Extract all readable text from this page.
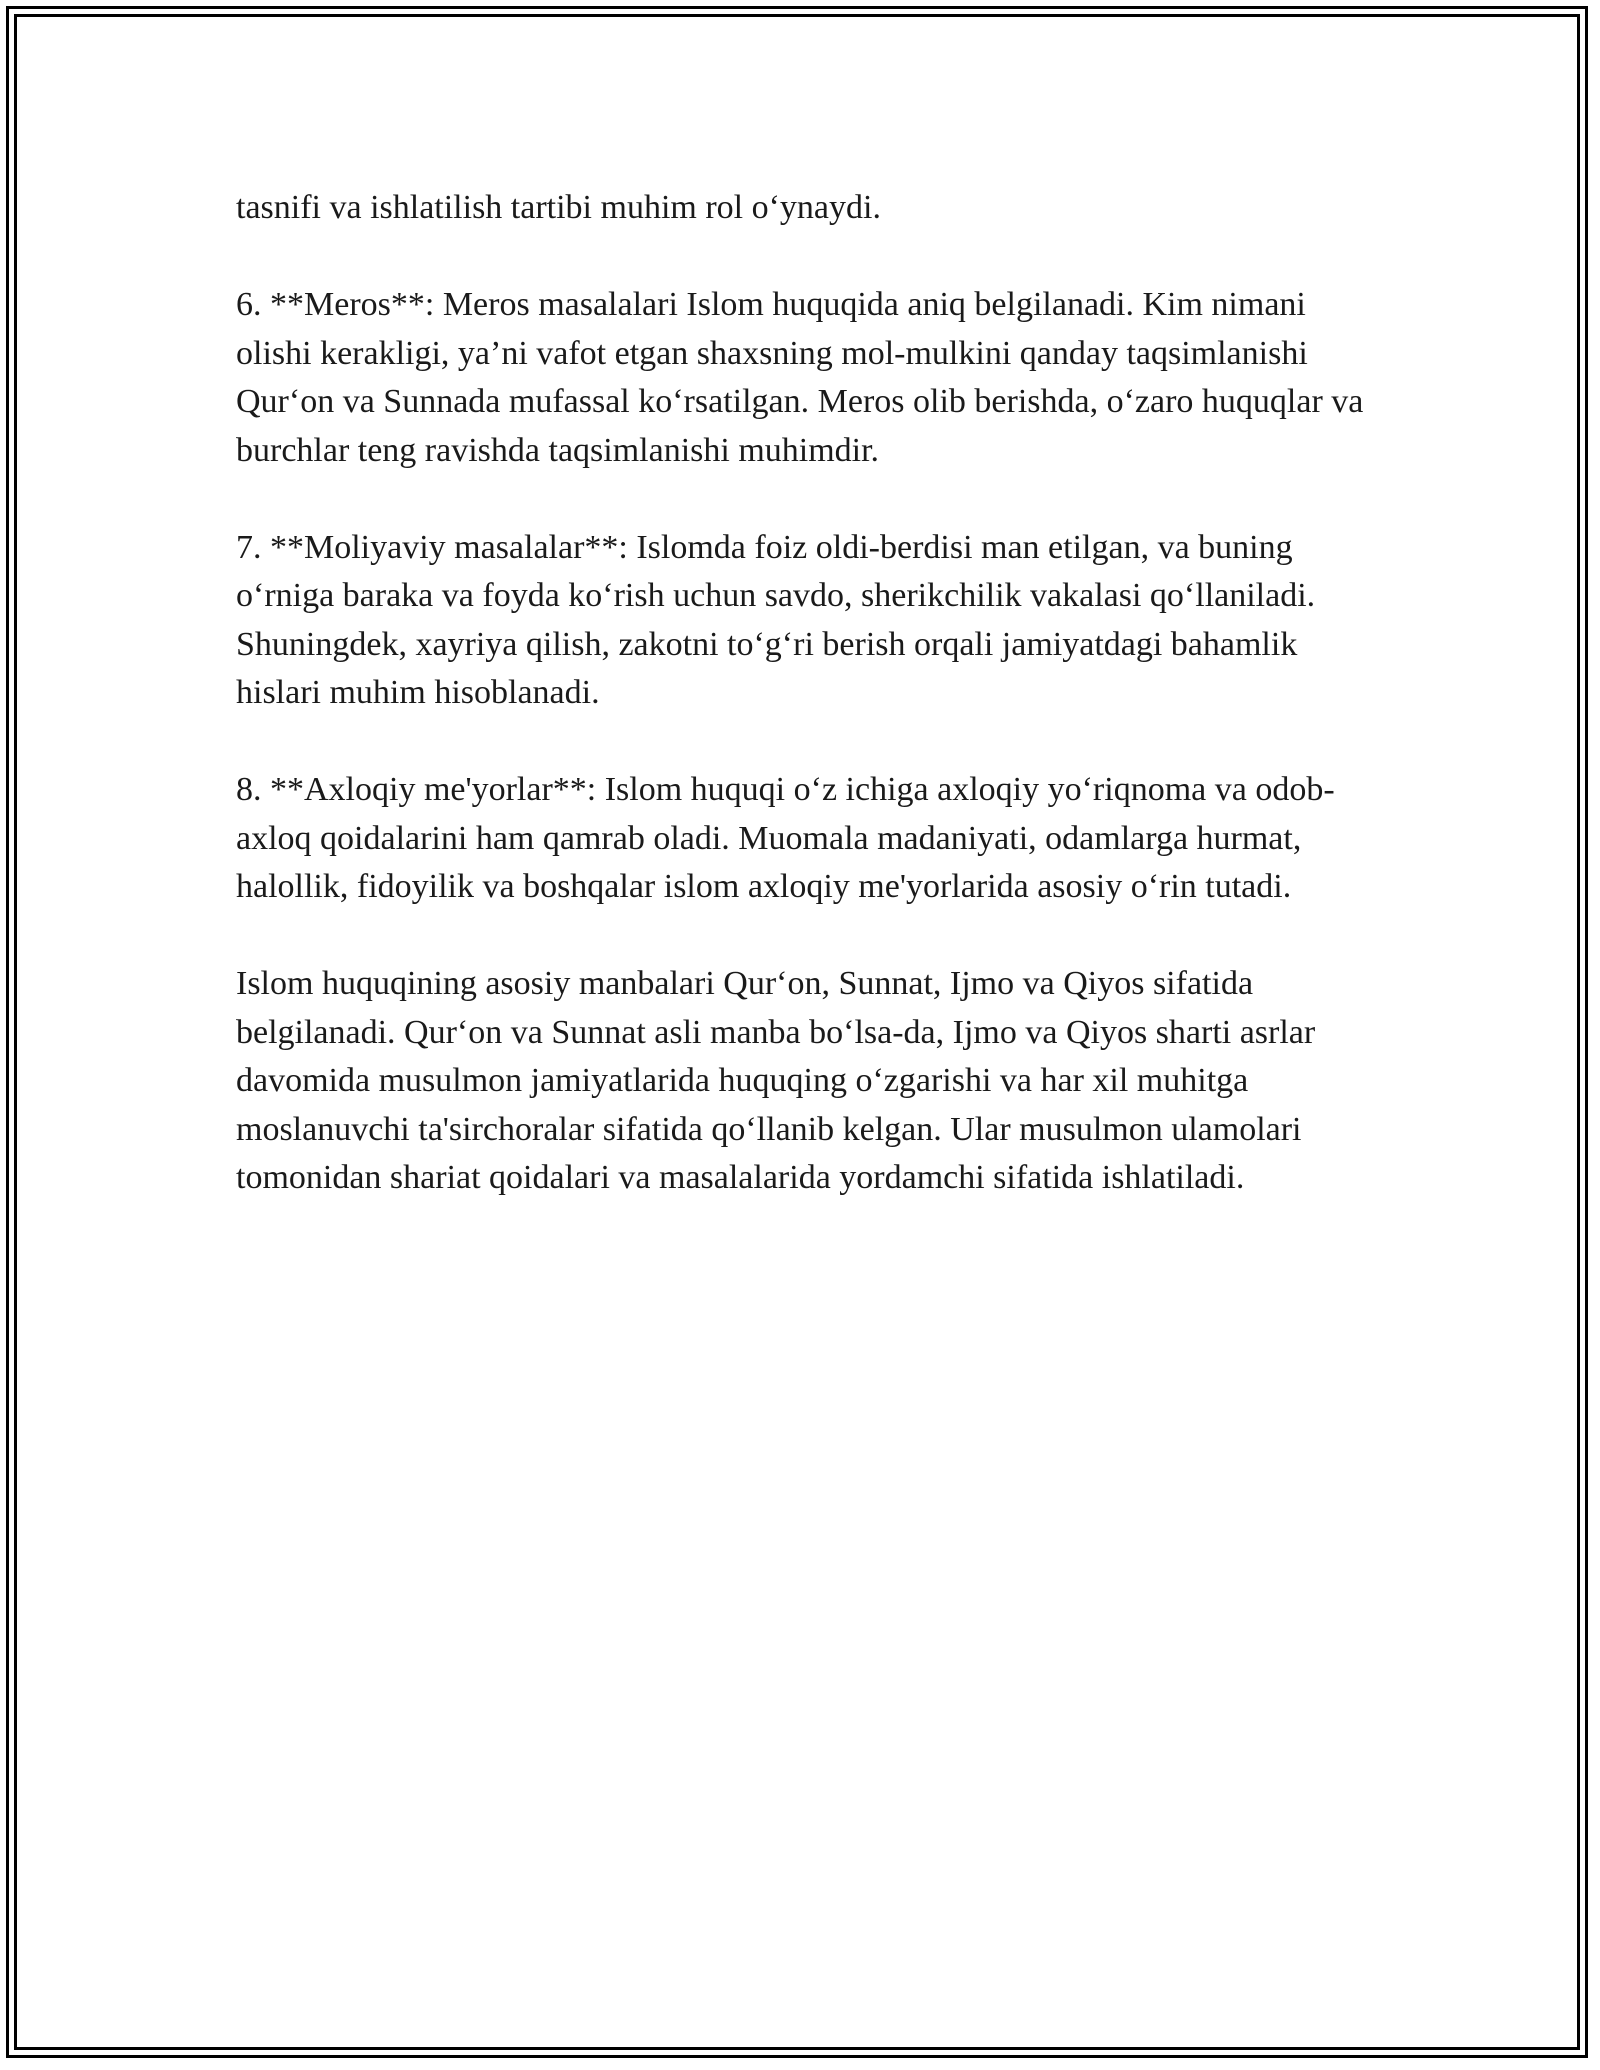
tasnifi va ishlatilish tartibi muhim rol o‘ynaydi.

6. **Meros**: Meros masalalari Islom huquqida aniq belgilanadi. Kim nimani olishi kerakligi, ya’ni vafot etgan shaxsning mol-mulkini qanday taqsimlanishi Qur‘on va Sunnada mufassal ko‘rsatilgan. Meros olib berishda, o‘zaro huquqlar va burchlar teng ravishda taqsimlanishi muhimdir.

7. **Moliyaviy masalalar**: Islomda foiz oldi-berdisi man etilgan, va buning o‘rniga baraka va foyda ko‘rish uchun savdo, sherikchilik vakalasi qo‘llaniladi. Shuningdek, xayriya qilish, zakotni to‘g‘ri berish orqali jamiyatdagi bahamlik hislari muhim hisoblanadi.

8. **Axloqiy me'yorlar**: Islom huquqi o‘z ichiga axloqiy yo‘riqnoma va odob-axloq qoidalarini ham qamrab oladi. Muomala madaniyati, odamlarga hurmat, halollik, fidoyilik va boshqalar islom axloqiy me'yorlarida asosiy o‘rin tutadi.

Islom huquqining asosiy manbalari Qur‘on, Sunnat, Ijmo va Qiyos sifatida belgilanadi. Qur‘on va Sunnat asli manba bo‘lsa-da, Ijmo va Qiyos sharti asrlar davomida musulmon jamiyatlarida huquqing o‘zgarishi va har xil muhitga moslanuvchi ta'sirchoralar sifatida qo‘llanib kelgan. Ular musulmon ulamolari tomonidan shariat qoidalari va masalalarida yordamchi sifatida ishlatiladi.
